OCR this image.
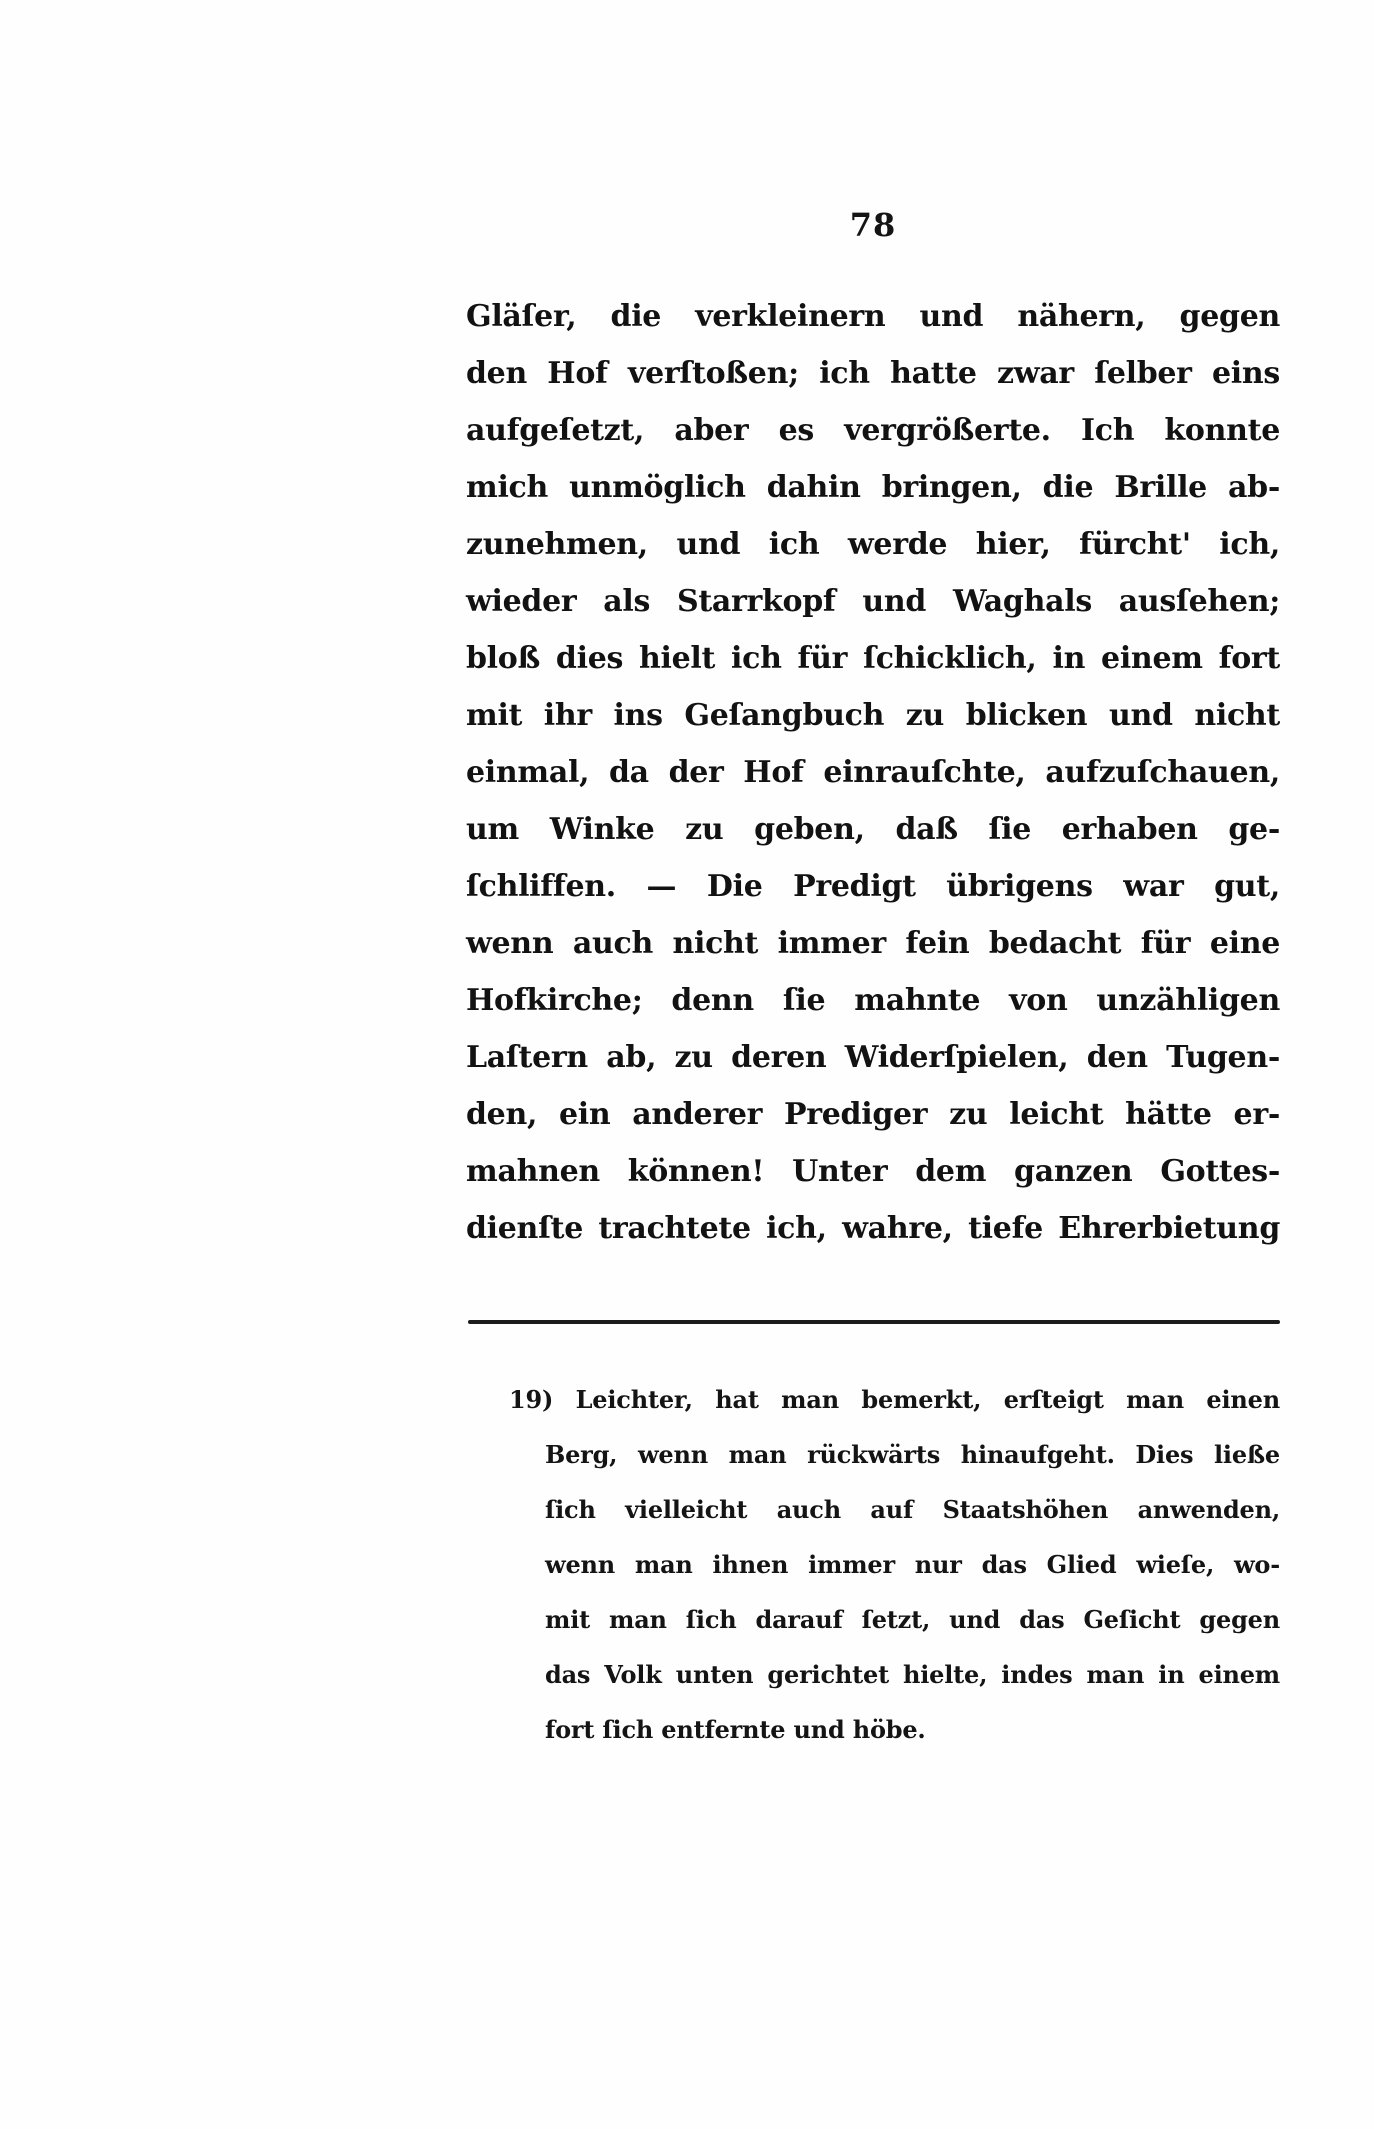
78
Gläſer, die verkleinern und nähern, gegen
den Hof verſtoßen; ich hatte zwar ſelber eins
aufgeſetzt, aber es vergrößerte. Ich konnte
mich unmöglich dahin bringen, die Brille ab-
zunehmen, und ich werde hier, fürcht' ich,
wieder als Starrkopf und Waghals ausſehen;
bloß dies hielt ich für ſchicklich, in einem fort
mit ihr ins Geſangbuch zu blicken und nicht
einmal, da der Hof einrauſchte, aufzuſchauen,
um Winke zu geben, daß ſie erhaben ge-
ſchliffen. — Die Predigt übrigens war gut,
wenn auch nicht immer fein bedacht für eine
Hofkirche; denn ſie mahnte von unzähligen
Laſtern ab, zu deren Widerſpielen, den Tugen-
den, ein anderer Prediger zu leicht hätte er-
mahnen können! Unter dem ganzen Gottes-
dienſte trachtete ich, wahre, tiefe Ehrerbietung
19) Leichter, hat man bemerkt, erſteigt man einen
Berg, wenn man rückwärts hinaufgeht. Dies ließe
ſich vielleicht auch auf Staatshöhen anwenden,
wenn man ihnen immer nur das Glied wieſe, wo-
mit man ſich darauf ſetzt, und das Geſicht gegen
das Volk unten gerichtet hielte, indes man in einem
fort ſich entfernte und höbe.
